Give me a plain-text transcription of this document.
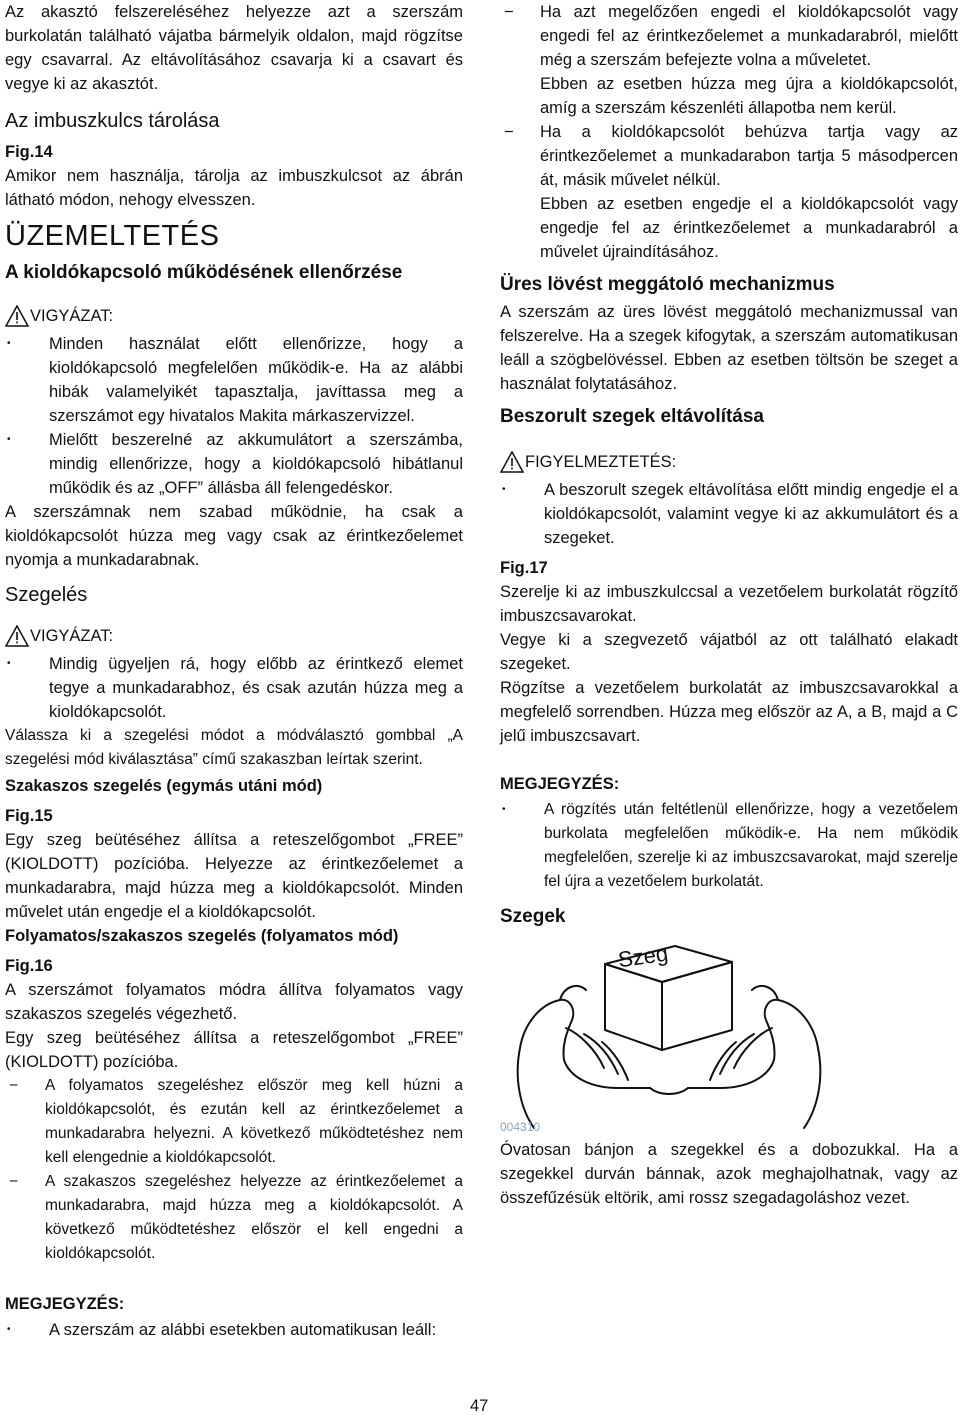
Az akasztó felszereléséhez helyezze azt a szerszám burkolatán található vájatba bármelyik oldalon, majd rögzítse egy csavarral. Az eltávolításához csavarja ki a csavart és vegye ki az akasztót.

Az imbuszkulcs tárolása
Fig.14

Amikor nem használja, tárolja az imbuszkulcsot az ábrán látható módon, nehogy elvesszen.

ÜZEMELTETÉS
A kioldókapcsoló működésének ellenőrzése
VIGYÁZAT:
• Minden használat előtt ellenőrizze, hogy a kioldókapcsoló megfelelően működik-e. Ha az alábbi hibák valamelyikét tapasztalja, javíttassa meg a szerszámot egy hivatalos Makita márkaszervizzel.

• Mielőtt beszerelné az akkumulátort a szerszámba, mindig ellenőrizze, hogy a kioldókapcsoló hibátlanul működik és az „OFF” állásba áll felengedéskor.

A szerszámnak nem szabad működnie, ha csak a kioldókapcsolót húzza meg vagy csak az érintkezőelemet nyomja a munkadarabnak.

Szegelés
VIGYÁZAT:
• Mindig ügyeljen rá, hogy előbb az érintkező elemet tegye a munkadarabhoz, és csak azután húzza meg a kioldókapcsolót.

Válassza ki a szegelési módot a módválasztó gombbal „A szegelési mód kiválasztása” című szakaszban leírtak szerint.

Szakaszos szegelés (egymás utáni mód)
Fig.15

Egy szeg beütéséhez állítsa a reteszelőgombot „FREE” (KIOLDOTT) pozícióba. Helyezze az érintkezőelemet a munkadarabra, majd húzza meg a kioldókapcsolót. Minden művelet után engedje el a kioldókapcsolót.

Folyamatos/szakaszos szegelés (folyamatos mód)
Fig.16

A szerszámot folyamatos módra állítva folyamatos vagy szakaszos szegelés végezhető.

Egy szeg beütéséhez állítsa a reteszelőgombot „FREE” (KIOLDOTT) pozícióba.

− A folyamatos szegeléshez először meg kell húzni a kioldókapcsolót, és ezután kell az érintkezőelemet a munkadarabra helyezni. A következő működtetéshez nem kell elengednie a kioldókapcsolót.

− A szakaszos szegeléshez helyezze az érintkezőelemet a munkadarabra, majd húzza meg a kioldókapcsolót. A következő működtetéshez először el kell engedni a kioldókapcsolót.

MEGJEGYZÉS:
• A szerszám az alábbi esetekben automatikusan leáll:

− Ha azt megelőzően engedi el kioldókapcsolót vagy engedi fel az érintkezőelemet a munkadarabról, mielőtt még a szerszám befejezte volna a műveletet.

Ebben az esetben húzza meg újra a kioldókapcsolót, amíg a szerszám készenléti állapotba nem kerül.

− Ha a kioldókapcsolót behúzva tartja vagy az érintkezőelemet a munkadarabon tartja 5 másodpercen át, másik művelet nélkül.

Ebben az esetben engedje el a kioldókapcsolót vagy engedje fel az érintkezőelemet a munkadarabról a művelet újraindításához.

Üres lövést meggátoló mechanizmus

A szerszám az üres lövést meggátoló mechanizmussal van felszerelve. Ha a szegek kifogytak, a szerszám automatikusan leáll a szögbelövéssel. Ebben az esetben töltsön be szeget a használat folytatásához.

Beszorult szegek eltávolítása
FIGYELMEZTETÉS:
• A beszorult szegek eltávolítása előtt mindig engedje el a kioldókapcsolót, valamint vegye ki az akkumulátort és a szegeket.

Fig.17

Szerelje ki az imbuszkulccsal a vezetőelem burkolatát rögzítő imbuszcsavarokat.

Vegye ki a szegvezető vájatból az ott található elakadt szegeket.

Rögzítse a vezetőelem burkolatát az imbuszcsavarokkal a megfelelő sorrendben. Húzza meg először az A, a B, majd a C jelű imbuszcsavart.

MEGJEGYZÉS:
• A rögzítés után feltétlenül ellenőrizze, hogy a vezetőelem burkolata megfelelően működik-e. Ha nem működik megfelelően, szerelje ki az imbuszcsavarokat, majd szerelje fel újra a vezetőelem burkolatát.

Szegek
Szeg
004310

Óvatosan bánjon a szegekkel és a dobozukkal. Ha a szegekkel durván bánnak, azok meghajolhatnak, vagy az összefűzésük eltörik, ami rossz szegadagoláshoz vezet.

47
